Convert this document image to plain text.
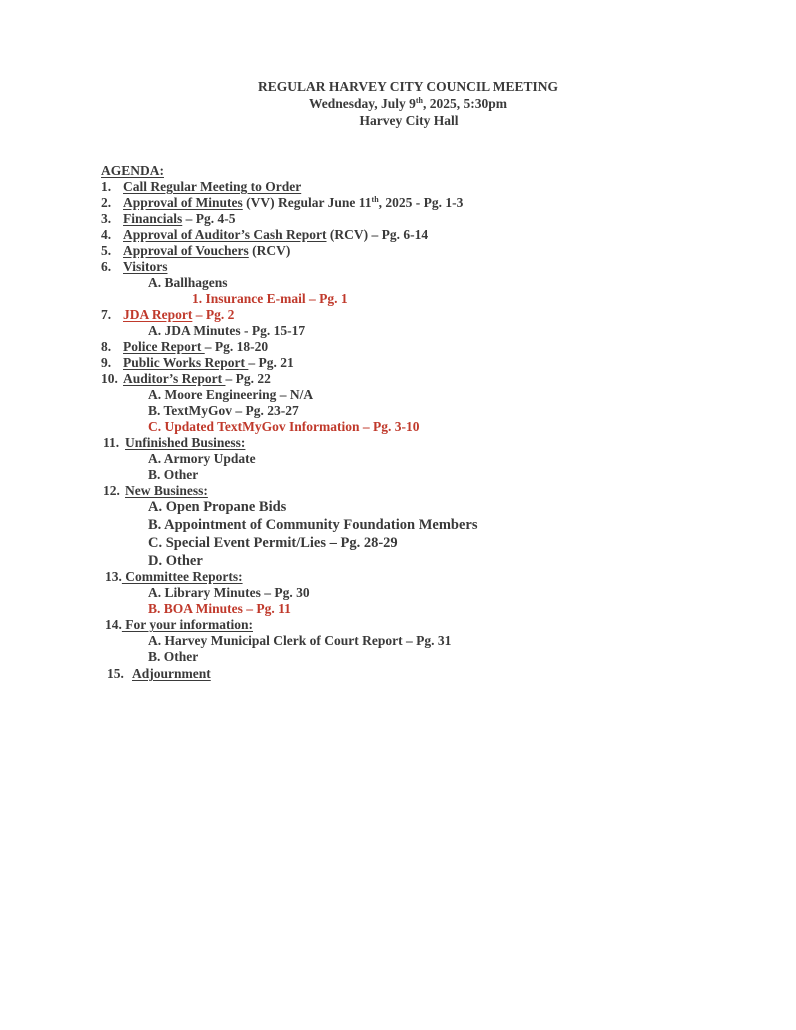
REGULAR HARVEY CITY COUNCIL MEETING
Wednesday, July 9th, 2025, 5:30pm
Harvey City Hall
AGENDA:
1. Call Regular Meeting to Order
2. Approval of Minutes (VV) Regular June 11th, 2025 - Pg. 1-3
3. Financials – Pg. 4-5
4. Approval of Auditor’s Cash Report (RCV) – Pg. 6-14
5. Approval of Vouchers (RCV)
6. Visitors
A. Ballhagens
1. Insurance E-mail – Pg. 1
7. JDA Report – Pg. 2
A. JDA Minutes - Pg. 15-17
8. Police Report – Pg. 18-20
9. Public Works Report – Pg. 21
10. Auditor’s Report – Pg. 22
A. Moore Engineering – N/A
B. TextMyGov – Pg. 23-27
C. Updated TextMyGov Information – Pg. 3-10
11. Unfinished Business:
A. Armory Update
B. Other
12. New Business:
A. Open Propane Bids
B. Appointment of Community Foundation Members
C. Special Event Permit/Lies – Pg. 28-29
D. Other
13. Committee Reports:
A. Library Minutes – Pg. 30
B. BOA Minutes – Pg. 11
14. For your information:
A. Harvey Municipal Clerk of Court Report – Pg. 31
B. Other
15. Adjournment
